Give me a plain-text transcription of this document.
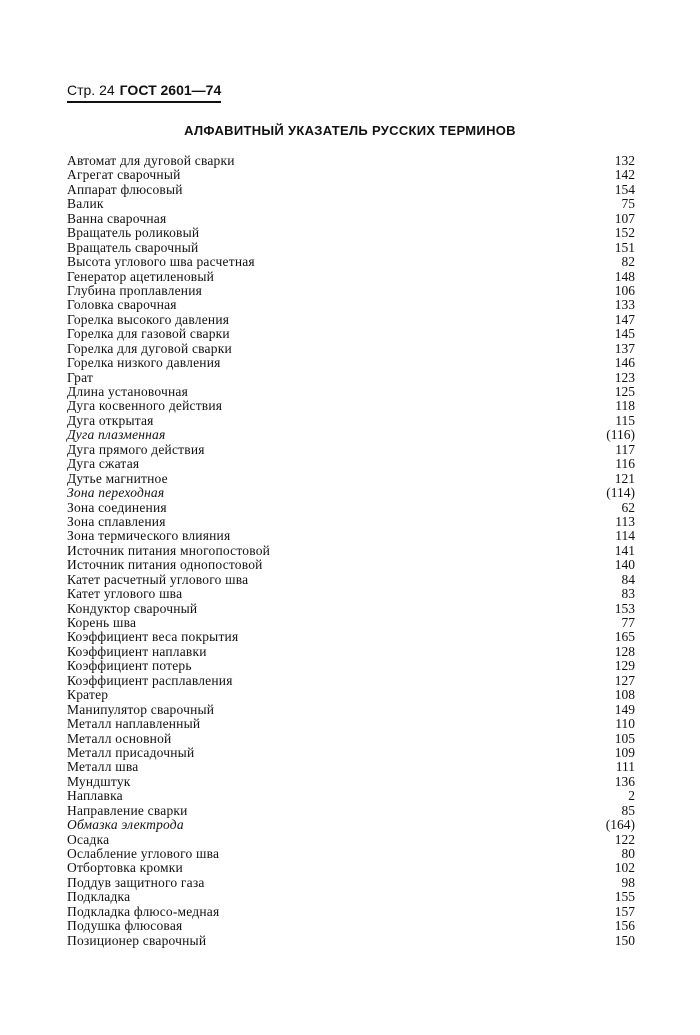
Стр. 24 ГОСТ 2601—74
АЛФАВИТНЫЙ УКАЗАТЕЛЬ РУССКИХ ТЕРМИНОВ
Автомат для дуговой сварки	132
Агрегат сварочный	142
Аппарат флюсовый	154
Валик	75
Ванна сварочная	107
Вращатель роликовый	152
Вращатель сварочный	151
Высота углового шва расчетная	82
Генератор ацетиленовый	148
Глубина проплавления	106
Головка сварочная	133
Горелка высокого давления	147
Горелка для газовой сварки	145
Горелка для дуговой сварки	137
Горелка низкого давления	146
Грат	123
Длина установочная	125
Дуга косвенного действия	118
Дуга открытая	115
Дуга плазменная	(116)
Дуга прямого действия	117
Дуга сжатая	116
Дутье магнитное	121
Зона переходная	(114)
Зона соединения	62
Зона сплавления	113
Зона термического влияния	114
Источник питания многопостовой	141
Источник питания однопостовой	140
Катет расчетный углового шва	84
Катет углового шва	83
Кондуктор сварочный	153
Корень шва	77
Коэффициент веса покрытия	165
Коэффициент наплавки	128
Коэффициент потерь	129
Коэффициент расплавления	127
Кратер	108
Манипулятор сварочный	149
Металл наплавленный	110
Металл основной	105
Металл присадочный	109
Металл шва	111
Мундштук	136
Наплавка	2
Направление сварки	85
Обмазка электрода	(164)
Осадка	122
Ослабление углового шва	80
Отбортовка кромки	102
Поддув защитного газа	98
Подкладка	155
Подкладка флюсо-медная	157
Подушка флюсовая	156
Позиционер сварочный	150
